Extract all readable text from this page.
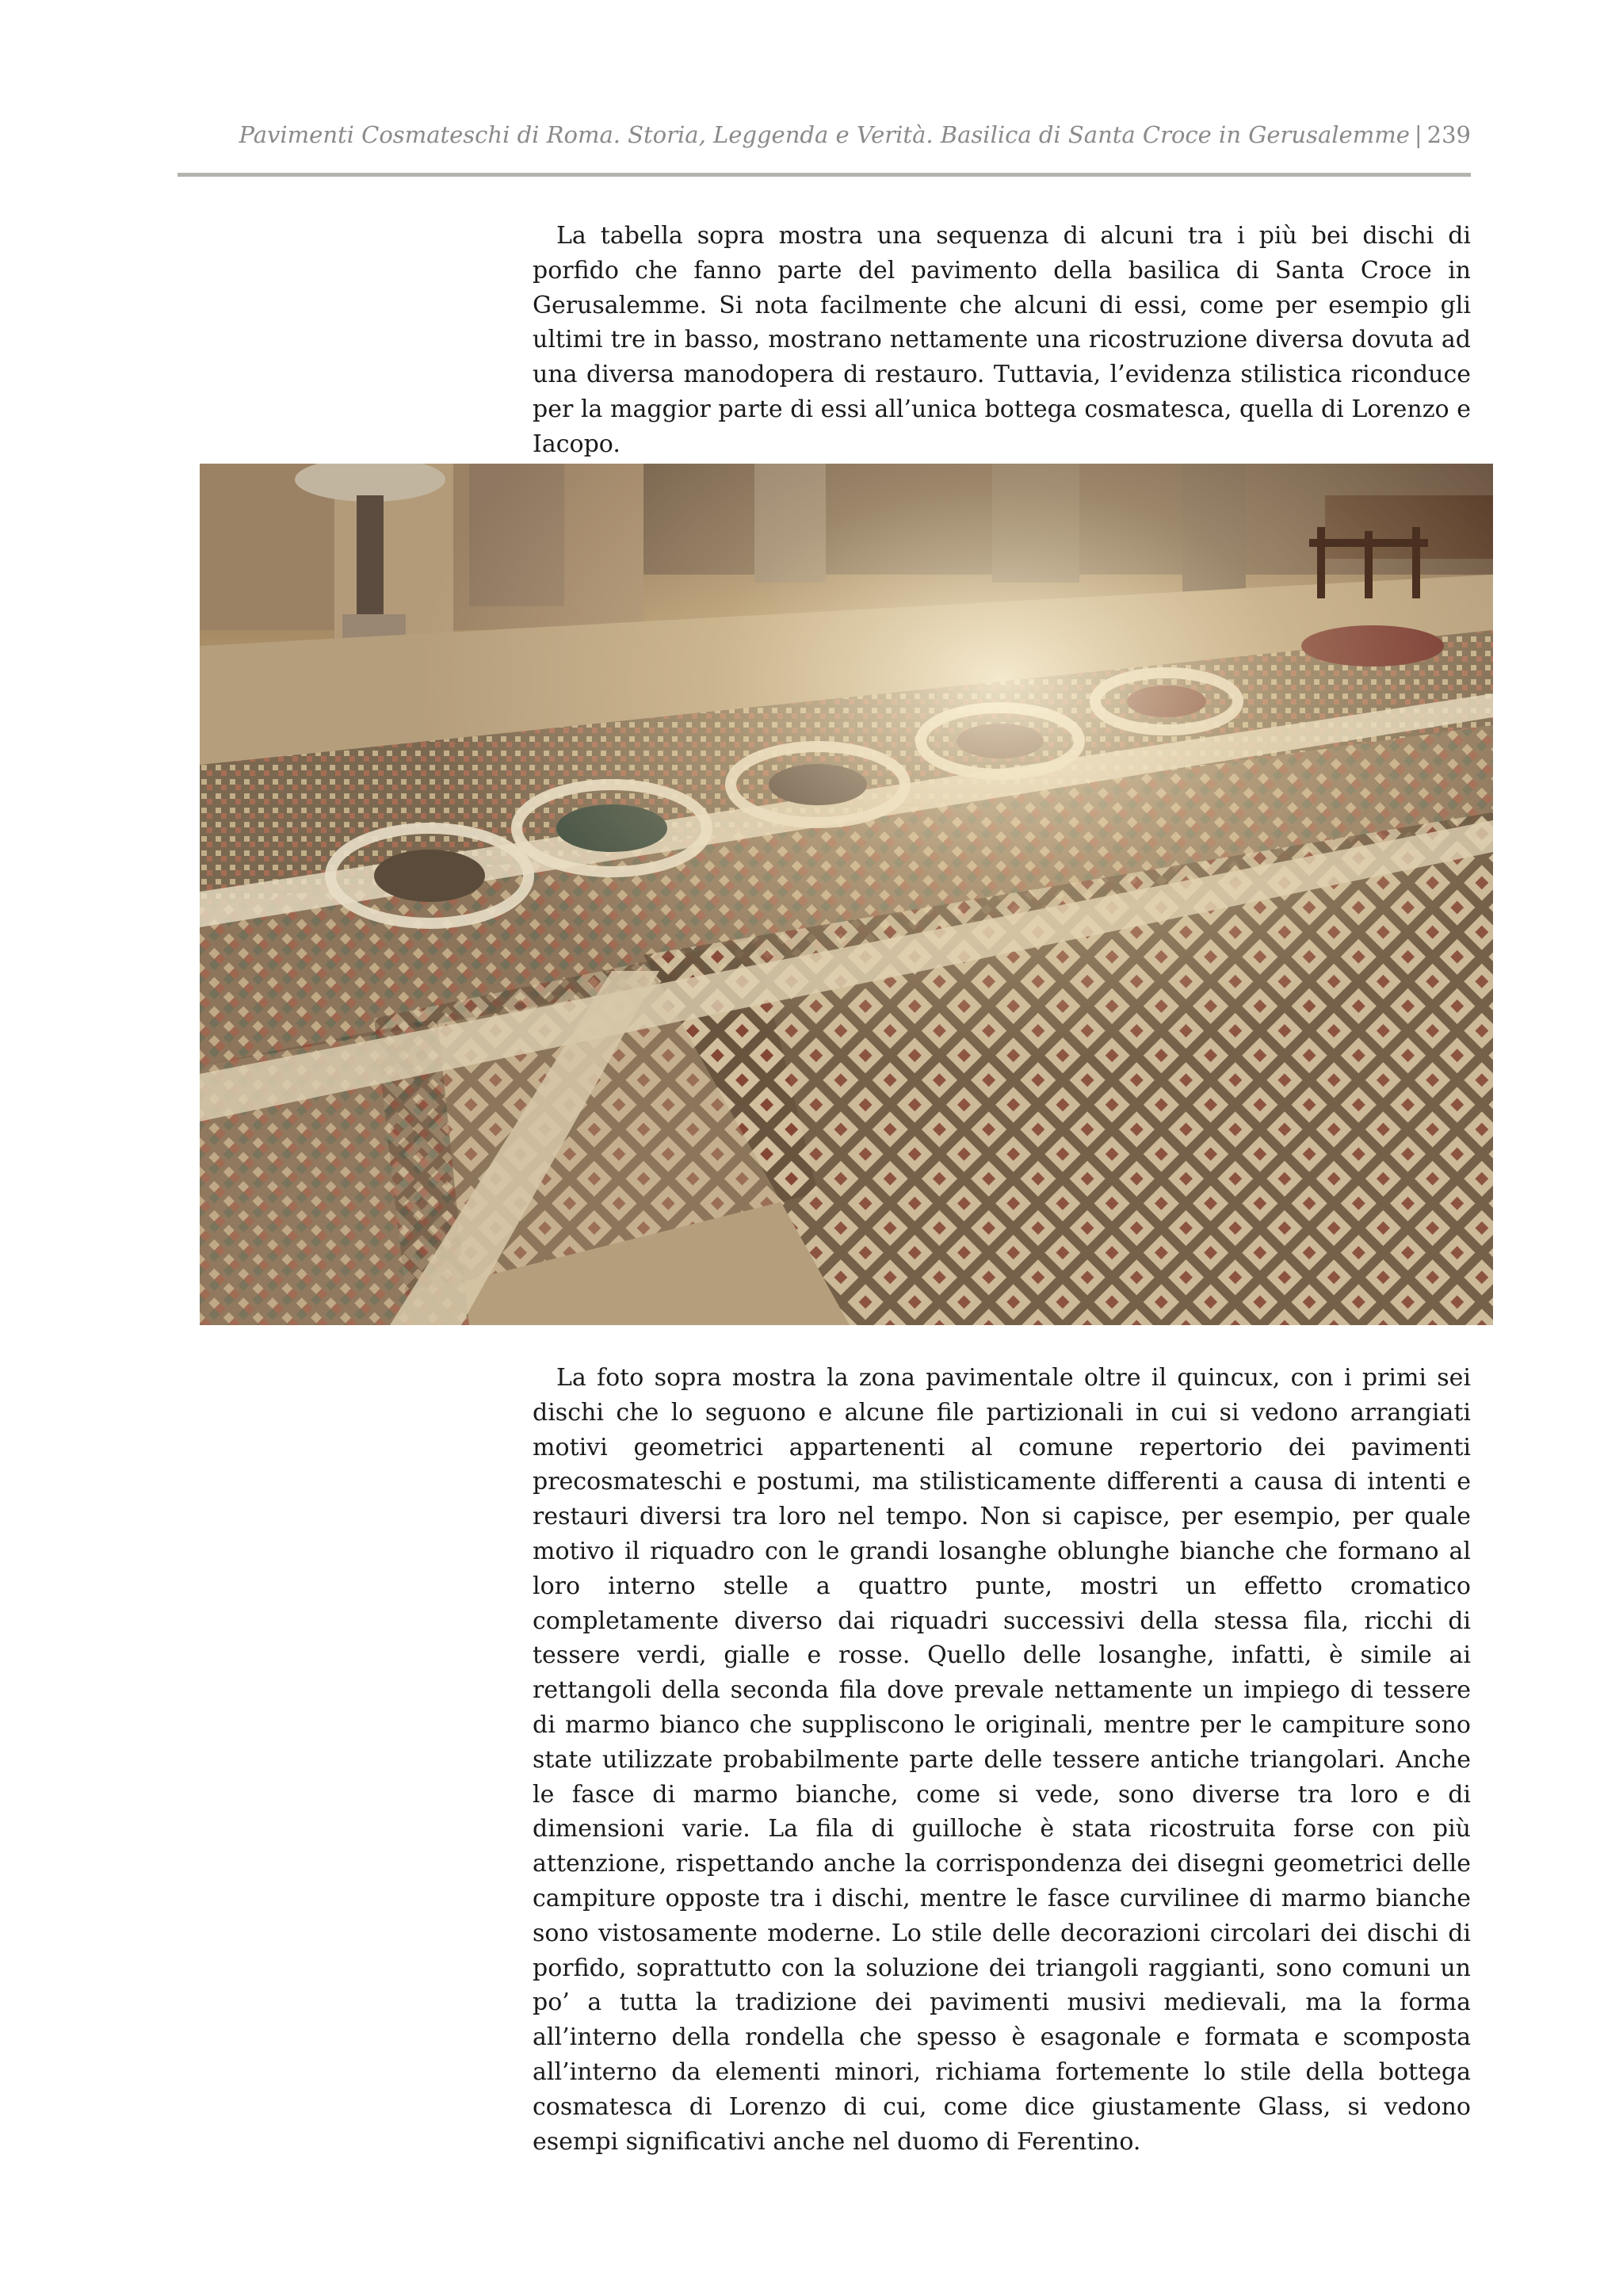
Pavimenti Cosmateschi di Roma. Storia, Leggenda e Verità. Basilica di Santa Croce in Gerusalemme | 239

La tabella sopra mostra una sequenza di alcuni tra i più bei dischi di porfido che fanno parte del pavimento della basilica di Santa Croce in Gerusalemme. Si nota facilmente che alcuni di essi, come per esempio gli ultimi tre in basso, mostrano nettamente una ricostruzione diversa dovuta ad una diversa manodopera di restauro. Tuttavia, l’evidenza stilistica riconduce per la maggior parte di essi all’unica bottega cosmatesca, quella di Lorenzo e Iacopo.

La foto sopra mostra la zona pavimentale oltre il quincux, con i primi sei dischi che lo seguono e alcune file partizionali in cui si vedono arrangiati motivi geometrici appartenenti al comune repertorio dei pavimenti precosmateschi e postumi, ma stilisticamente differenti a causa di intenti e restauri diversi tra loro nel tempo. Non si capisce, per esempio, per quale motivo il riquadro con le grandi losanghe oblunghe bianche che formano al loro interno stelle a quattro punte, mostri un effetto cromatico completamente diverso dai riquadri successivi della stessa fila, ricchi di tessere verdi, gialle e rosse. Quello delle losanghe, infatti, è simile ai rettangoli della seconda fila dove prevale nettamente un impiego di tessere di marmo bianco che suppliscono le originali, mentre per le campiture sono state utilizzate probabilmente parte delle tessere antiche triangolari. Anche le fasce di marmo bianche, come si vede, sono diverse tra loro e di dimensioni varie. La fila di guilloche è stata ricostruita forse con più attenzione, rispettando anche la corrispondenza dei disegni geometrici delle campiture opposte tra i dischi, mentre le fasce curvilinee di marmo bianche sono vistosamente moderne. Lo stile delle decorazioni circolari dei dischi di porfido, soprattutto con la soluzione dei triangoli raggianti, sono comuni un po’ a tutta la tradizione dei pavimenti musivi medievali, ma la forma all’interno della rondella che spesso è esagonale e formata e scomposta all’interno da elementi minori, richiama fortemente lo stile della bottega cosmatesca di Lorenzo di cui, come dice giustamente Glass, si vedono esempi significativi anche nel duomo di Ferentino.
